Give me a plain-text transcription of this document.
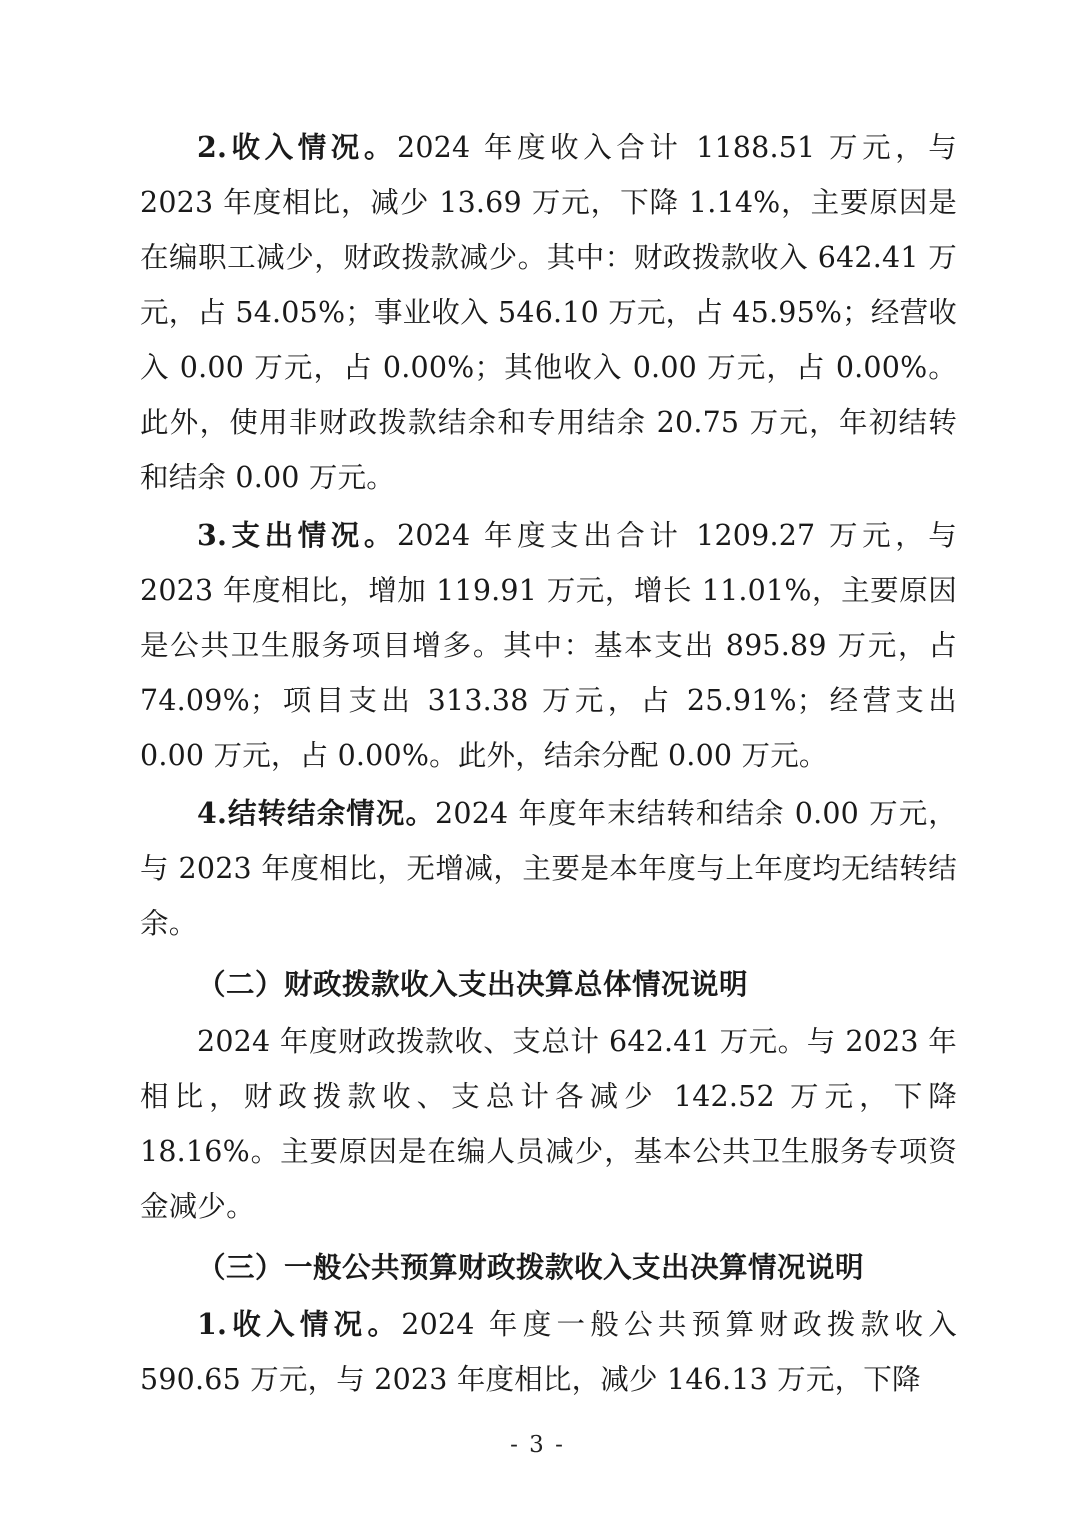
2.收入情况。2024 年度收入合计 1188.51 万元，与 2023 年度相比，减少 13.69 万元，下降 1.14%，主要原因是在编职工减少，财政拨款减少。其中：财政拨款收入 642.41 万元，占 54.05%；事业收入 546.10 万元，占 45.95%；经营收入 0.00 万元，占 0.00%；其他收入 0.00 万元，占 0.00%。此外，使用非财政拨款结余和专用结余 20.75 万元，年初结转和结余 0.00 万元。

3.支出情况。2024 年度支出合计 1209.27 万元，与 2023 年度相比，增加 119.91 万元，增长 11.01%，主要原因是公共卫生服务项目增多。其中：基本支出 895.89 万元，占 74.09%；项目支出 313.38 万元，占 25.91%；经营支出 0.00 万元，占 0.00%。此外，结余分配 0.00 万元。

4.结转结余情况。2024 年度年末结转和结余 0.00 万元，与 2023 年度相比，无增减，主要是本年度与上年度均无结转结余。

（二）财政拨款收入支出决算总体情况说明

2024 年度财政拨款收、支总计 642.41 万元。与 2023 年相比，财政拨款收、支总计各减少 142.52 万元，下降 18.16%。主要原因是在编人员减少，基本公共卫生服务专项资金减少。

（三）一般公共预算财政拨款收入支出决算情况说明

1.收入情况。2024 年度一般公共预算财政拨款收入 590.65 万元，与 2023 年度相比，减少 146.13 万元，下降

- 3 -
